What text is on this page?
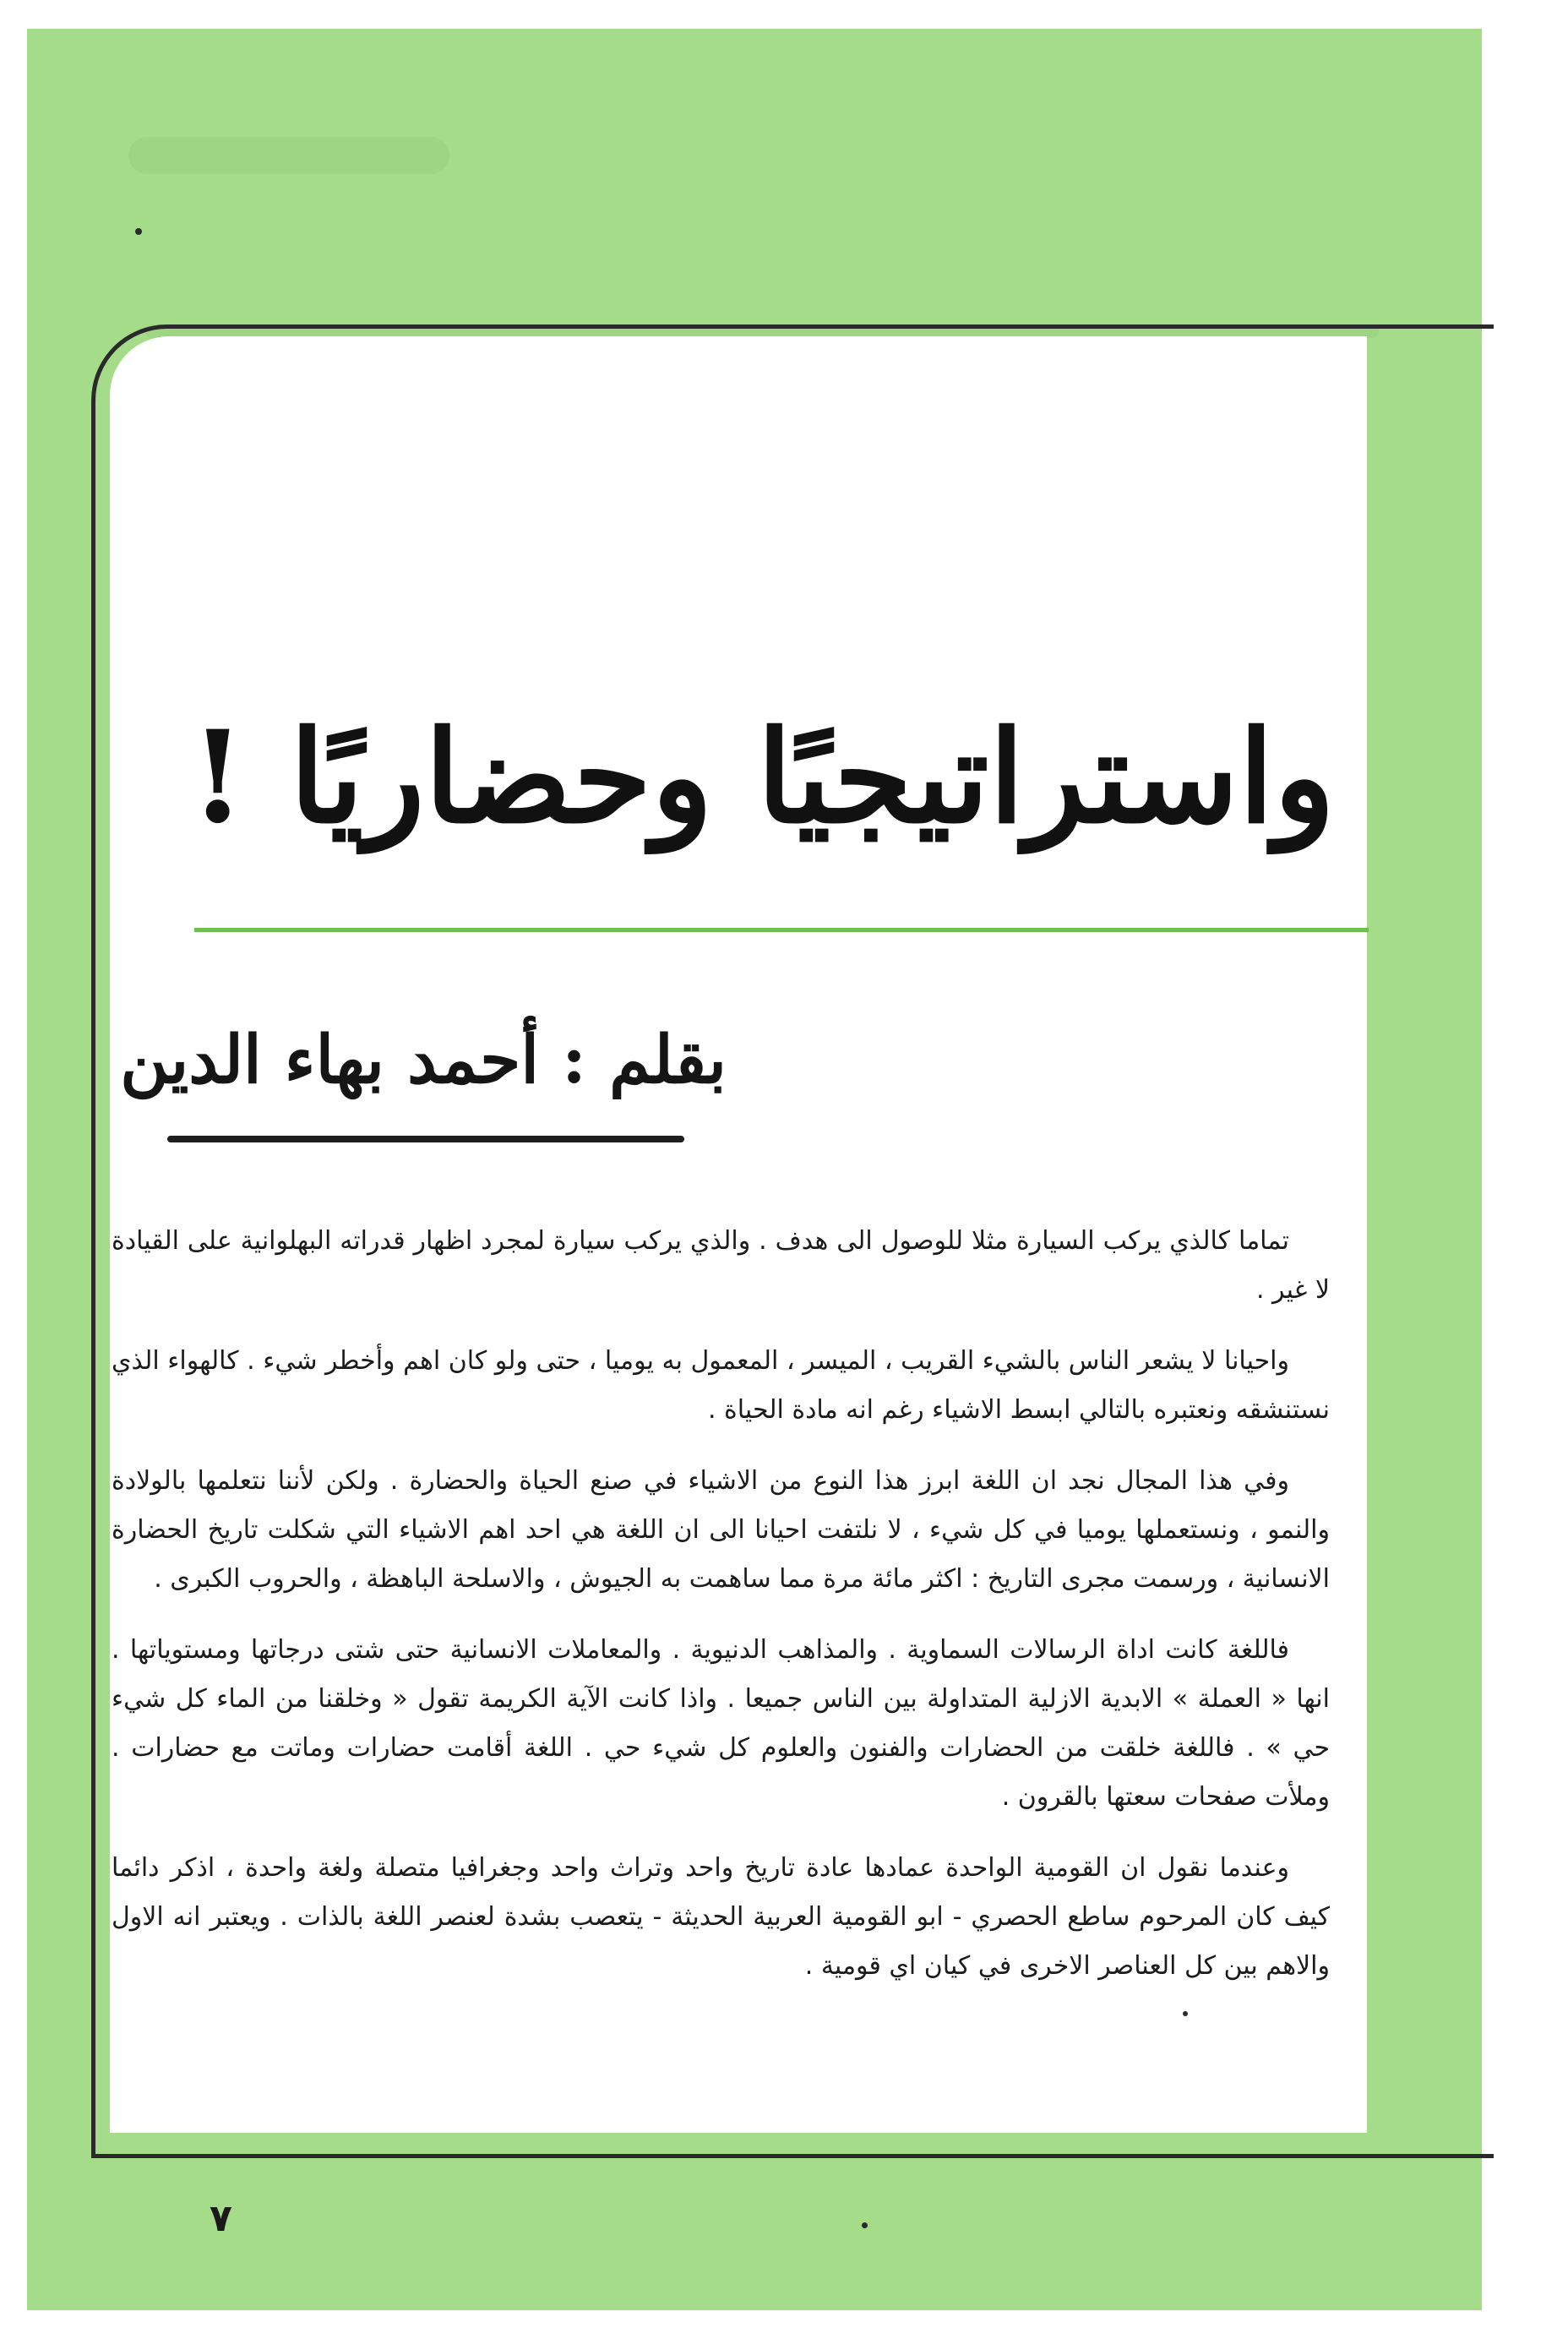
واستراتيجيًا وحضاريًا !
بقلم : أحمد بهاء الدين

تماما كالذي يركب السيارة مثلا للوصول الى هدف . والذي يركب سيارة لمجرد اظهار قدراته البهلوانية على القيادة لا غير .

واحيانا لا يشعر الناس بالشيء القريب ، الميسر ، المعمول به يوميا ، حتى ولو كان اهم وأخطر شيء . كالهواء الذي نستنشقه ونعتبره بالتالي ابسط الاشياء رغم انه مادة الحياة .

وفي هذا المجال نجد ان اللغة ابرز هذا النوع من الاشياء في صنع الحياة والحضارة . ولكن لأننا نتعلمها بالولادة والنمو ، ونستعملها يوميا في كل شيء ، لا نلتفت احيانا الى ان اللغة هي احد اهم الاشياء التي شكلت تاريخ الحضارة الانسانية ، ورسمت مجرى التاريخ : اكثر مائة مرة مما ساهمت به الجيوش ، والاسلحة الباهظة ، والحروب الكبرى .

فاللغة كانت اداة الرسالات السماوية . والمذاهب الدنيوية . والمعاملات الانسانية حتى شتى درجاتها ومستوياتها . انها « العملة » الابدية الازلية المتداولة بين الناس جميعا . واذا كانت الآية الكريمة تقول « وخلقنا من الماء كل شيء حي » . فاللغة خلقت من الحضارات والفنون والعلوم كل شيء حي . اللغة أقامت حضارات وماتت مع حضارات . وملأت صفحات سعتها بالقرون .

وعندما نقول ان القومية الواحدة عمادها عادة تاريخ واحد وتراث واحد وجغرافيا متصلة ولغة واحدة ، اذكر دائما كيف كان المرحوم ساطع الحصري - ابو القومية العربية الحديثة - يتعصب بشدة لعنصر اللغة بالذات . ويعتبر انه الاول والاهم بين كل العناصر الاخرى في كيان اي قومية .

٧
